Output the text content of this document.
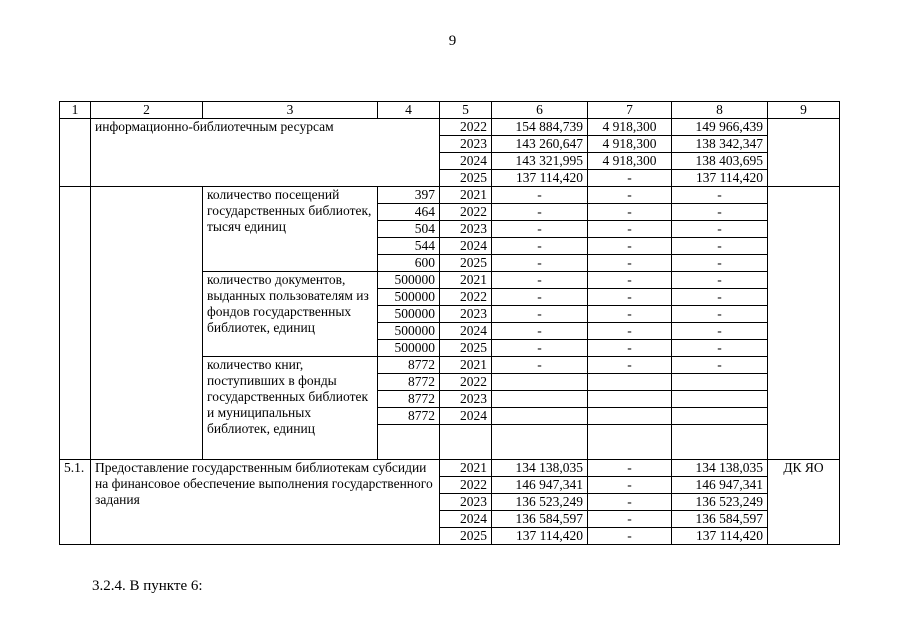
9
1	2	3	4	5	6	7	8	9
	информационно-библиотечным ресурсам			2022	154 884,739	4 918,300	149 966,439	
				2023	143 260,647	4 918,300	138 342,347	
				2024	143 321,995	4 918,300	138 403,695	
				2025	137 114,420	-	137 114,420	
		количество посещений государственных библиотек, тысяч единиц	397	2021	-	-	-	
			464	2022	-	-	-	
			504	2023	-	-	-	
			544	2024	-	-	-	
			600	2025	-	-	-	
		количество документов, выданных пользователям из фондов государственных библиотек, единиц	500000	2021	-	-	-	
			500000	2022	-	-	-	
			500000	2023	-	-	-	
			500000	2024	-	-	-	
			500000	2025	-	-	-	
		количество книг, поступивших в фонды государственных библиотек и муниципальных библиотек, единиц	8772	2021	-	-	-	
			8772	2022				
			8772	2023				
			8772	2024				

5.1.	Предоставление государственным библиотекам субсидии на финансовое обеспечение выполнения государственного задания			2021	134 138,035	-	134 138,035	ДК ЯО
				2022	146 947,341	-	146 947,341	
				2023	136 523,249	-	136 523,249	
				2024	136 584,597	-	136 584,597	
				2025	137 114,420	-	137 114,420	
3.2.4. В пункте 6:
